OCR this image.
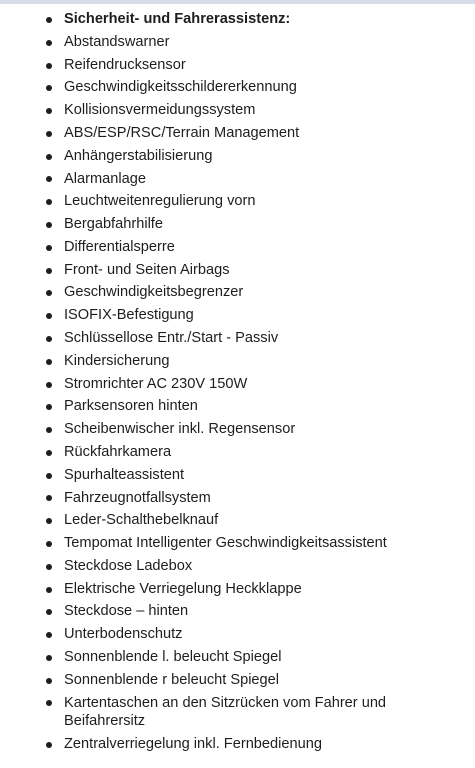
Sicherheit- und Fahrerassistenz:
Abstandswarner
Reifendrucksensor
Geschwindigkeitsschildererkennung
Kollisionsvermeidungssystem
ABS/ESP/RSC/Terrain Management
Anhängerstabilisierung
Alarmanlage
Leuchtweitenregulierung vorn
Bergabfahrhilfe
Differentialsperre
Front- und Seiten Airbags
Geschwindigkeitsbegrenzer
ISOFIX-Befestigung
Schlüssellose Entr./Start - Passiv
Kindersicherung
Stromrichter AC 230V 150W
Parksensoren hinten
Scheibenwischer inkl. Regensensor
Rückfahrkamera
Spurhalteassistent
Fahrzeugnotfallsystem
Leder-Schalthebelknauf
Tempomat Intelligenter Geschwindigkeitsassistent
Steckdose Ladebox
Elektrische Verriegelung Heckklappe
Steckdose – hinten
Unterbodenschutz
Sonnenblende l. beleucht Spiegel
Sonnenblende r beleucht Spiegel
Kartentaschen an den Sitzrücken vom Fahrer und Beifahrersitz
Zentralverriegelung inkl. Fernbedienung
